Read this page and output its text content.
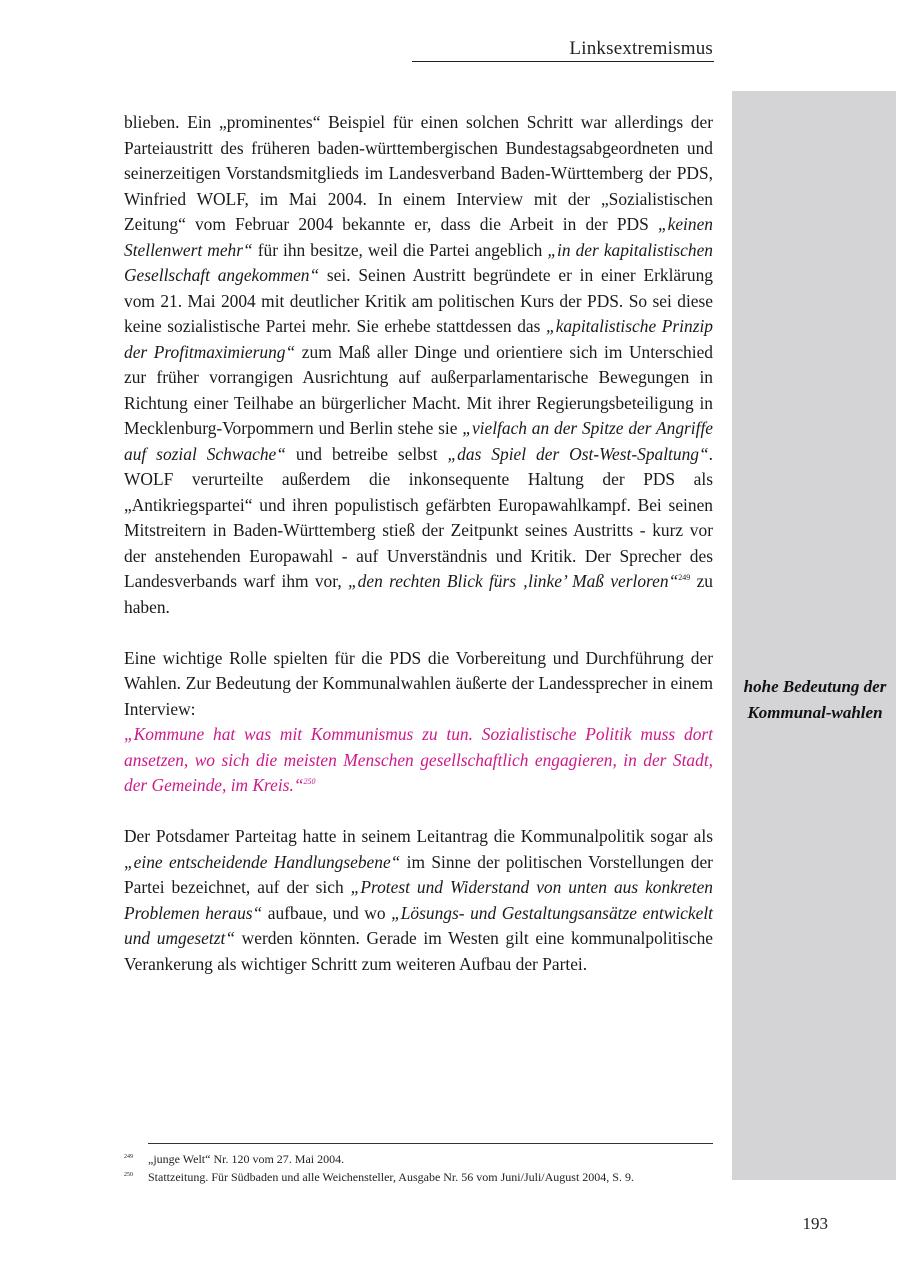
Linksextremismus
hohe Bedeutung der Kommunal-wahlen

blieben. Ein „prominentes“ Beispiel für einen solchen Schritt war allerdings der Parteiaustritt des früheren baden-württembergischen Bundestagsabgeordneten und seinerzeitigen Vorstandsmitglieds im Landesverband Baden-Württemberg der PDS, Winfried WOLF, im Mai 2004. In einem Interview mit der „Sozialistischen Zeitung“ vom Februar 2004 bekannte er, dass die Arbeit in der PDS „keinen Stellenwert mehr“ für ihn besitze, weil die Partei angeblich „in der kapitalistischen Gesellschaft angekommen“ sei. Seinen Austritt begründete er in einer Erklärung vom 21. Mai 2004 mit deutlicher Kritik am politischen Kurs der PDS. So sei diese keine sozialistische Partei mehr. Sie erhebe stattdessen das „kapitalistische Prinzip der Profitmaximierung“ zum Maß aller Dinge und orientiere sich im Unterschied zur früher vorrangigen Ausrichtung auf außerparlamentarische Bewegungen in Richtung einer Teilhabe an bürgerlicher Macht. Mit ihrer Regierungsbeteiligung in Mecklenburg-Vorpommern und Berlin stehe sie „vielfach an der Spitze der Angriffe auf sozial Schwache“ und betreibe selbst „das Spiel der Ost-West-Spaltung“. WOLF verurteilte außerdem die inkonsequente Haltung der PDS als „Antikriegspartei“ und ihren populistisch gefärbten Europawahlkampf. Bei seinen Mitstreitern in Baden-Württemberg stieß der Zeitpunkt seines Austritts - kurz vor der anstehenden Europawahl - auf Unverständnis und Kritik. Der Sprecher des Landesverbands warf ihm vor, „den rechten Blick fürs ‚linke’ Maß verloren“$^{249}$ zu haben.

Eine wichtige Rolle spielten für die PDS die Vorbereitung und Durchführung der Wahlen. Zur Bedeutung der Kommunalwahlen äußerte der Landessprecher in einem Interview:

„Kommune hat was mit Kommunismus zu tun. Sozialistische Politik muss dort ansetzen, wo sich die meisten Menschen gesellschaftlich engagieren, in der Stadt, der Gemeinde, im Kreis.“$^{250}$

Der Potsdamer Parteitag hatte in seinem Leitantrag die Kommunalpolitik sogar als „eine entscheidende Handlungsebene“ im Sinne der politischen Vorstellungen der Partei bezeichnet, auf der sich „Protest und Widerstand von unten aus konkreten Problemen heraus“ aufbaue, und wo „Lösungs- und Gestaltungsansätze entwickelt und umgesetzt“ werden könnten. Gerade im Westen gilt eine kommunalpolitische Verankerung als wichtiger Schritt zum weiteren Aufbau der Partei.

249 „junge Welt“ Nr. 120 vom 27. Mai 2004.
250 Stattzeitung. Für Südbaden und alle Weichensteller, Ausgabe Nr. 56 vom Juni/Juli/August 2004, S. 9.
193
